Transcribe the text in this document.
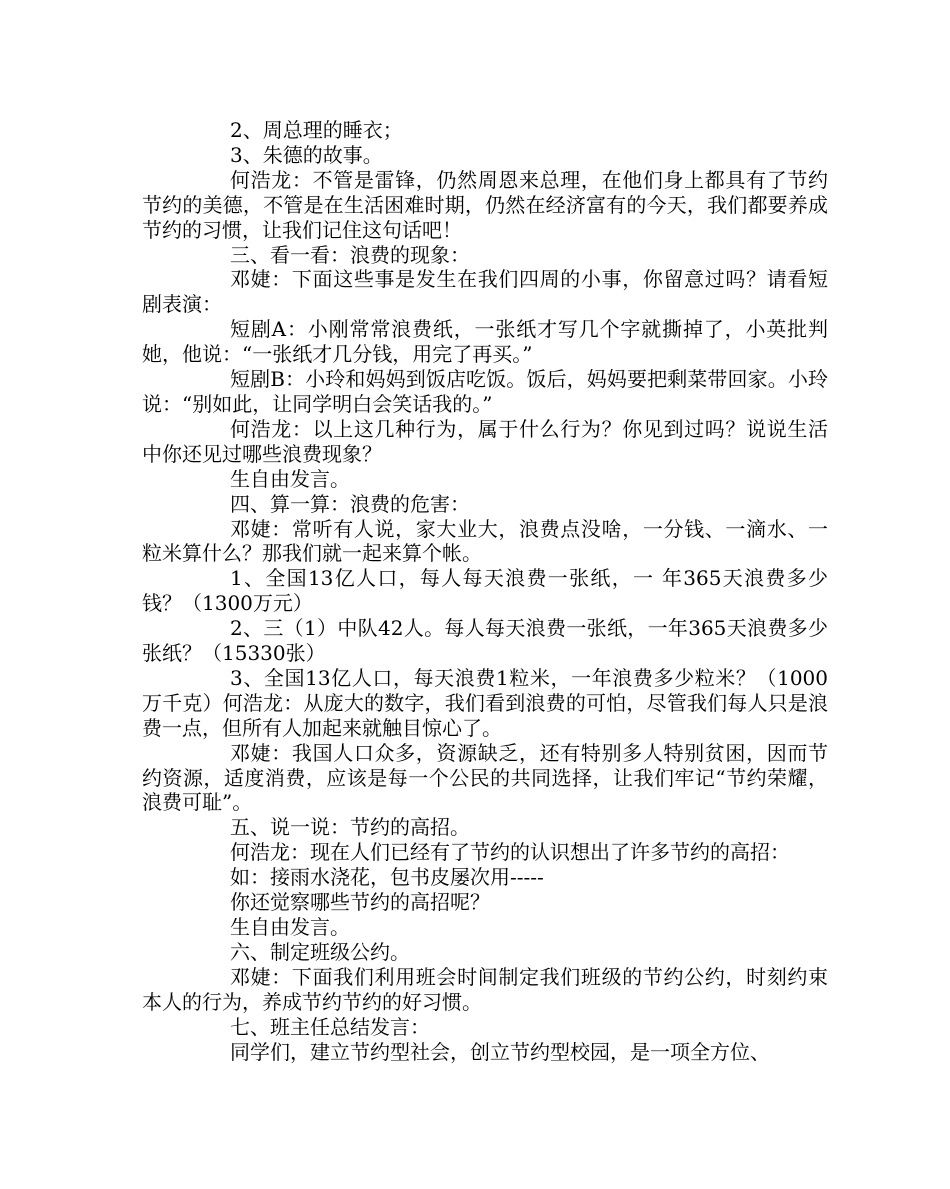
2、周总理的睡衣；

3、朱德的故事。

何浩龙：不管是雷锋，仍然周恩来总理，在他们身上都具有了节约节约的美德，不管是在生活困难时期，仍然在经济富有的今天，我们都要养成节约的习惯，让我们记住这句话吧！

三、看一看：浪费的现象：

邓婕：下面这些事是发生在我们四周的小事，你留意过吗？请看短剧表演：

短剧A：小刚常常浪费纸，一张纸才写几个字就撕掉了，小英批判她，他说：“一张纸才几分钱，用完了再买。”

短剧B：小玲和妈妈到饭店吃饭。饭后，妈妈要把剩菜带回家。小玲说：“别如此，让同学明白会笑话我的。”

何浩龙：以上这几种行为，属于什么行为？你见到过吗？说说生活中你还见过哪些浪费现象？

生自由发言。

四、算一算：浪费的危害：

邓婕：常听有人说，家大业大，浪费点没啥，一分钱、一滴水、一粒米算什么？那我们就一起来算个帐。

1、全国13亿人口，每人每天浪费一张纸，一 年365天浪费多少钱？（1300万元）

2、三（1）中队42人。每人每天浪费一张纸，一年365天浪费多少张纸？（15330张）

3、全国13亿人口，每天浪费1粒米，一年浪费多少粒米？（1000万千克）何浩龙：从庞大的数字，我们看到浪费的可怕，尽管我们每人只是浪费一点，但所有人加起来就触目惊心了。

邓婕：我国人口众多，资源缺乏，还有特别多人特别贫困，因而节约资源，适度消费，应该是每一个公民的共同选择，让我们牢记“节约荣耀，浪费可耻”。

五、说一说：节约的高招。

何浩龙：现在人们已经有了节约的认识想出了许多节约的高招：

如：接雨水浇花，包书皮屡次用-----

你还觉察哪些节约的高招呢？

生自由发言。

六、制定班级公约。

邓婕：下面我们利用班会时间制定我们班级的节约公约，时刻约束本人的行为，养成节约节约的好习惯。

七、班主任总结发言：

同学们，建立节约型社会，创立节约型校园，是一项全方位、
